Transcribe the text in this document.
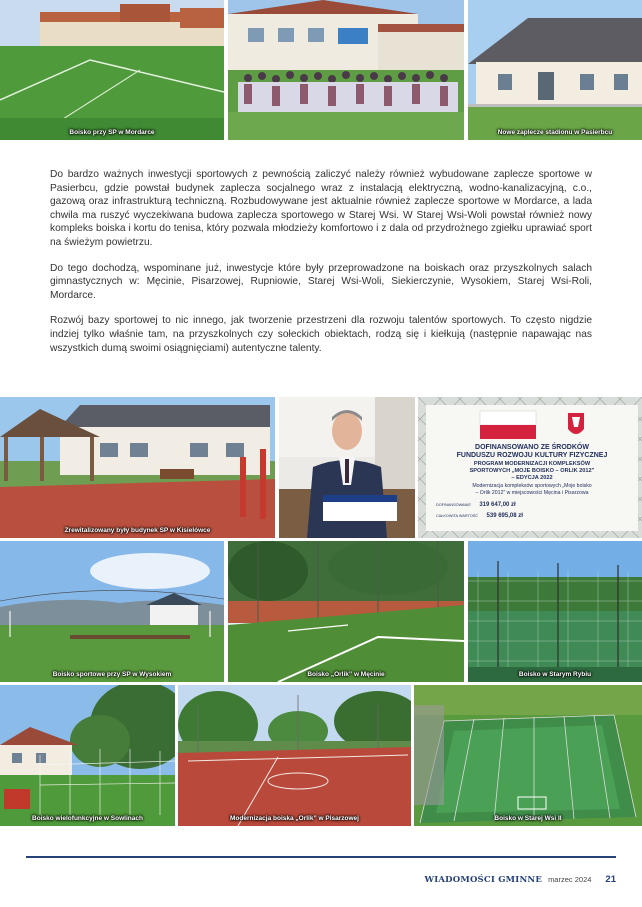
Boisko przy SP w Mordarce	Nowe zaplecze stadionu w Pasierbcu

Do bardzo ważnych inwestycji sportowych z pewnością zaliczyć należy również wybudowane zaplecze sportowe w Pasierbcu, gdzie powstał budynek zaplecza socjalnego wraz z instalacją elektryczną, wodno-kanalizacyjną, c.o., gazową oraz infrastrukturą techniczną. Rozbudowywane jest aktualnie również zaplecze sportowe w Mordarce, a lada chwila ma ruszyć wyczekiwana budowa zaplecza sportowego w Starej Wsi. W Starej Wsi-Woli powstał również nowy kompleks boiska i kortu do tenisa, który pozwala młodzieży komfortowo i z dala od przydrożnego zgiełku uprawiać sport na świeżym powietrzu.

Do tego dochodzą, wspominane już, inwestycje które były przeprowadzone na boiskach oraz przyszkolnych salach gimnastycznych w: Męcinie, Pisarzowej, Rupniowie, Starej Wsi-Woli, Siekierczynie, Wysokiem, Starej Wsi-Roli, Mordarce.

Rozwój bazy sportowej to nic innego, jak tworzenie przestrzeni dla rozwoju talentów sportowych. To często nigdzie indziej tylko właśnie tam, na przyszkolnych czy sołeckich obiektach, rodzą się i kiełkują (następnie napawając nas wszystkich dumą swoimi osiągnięciami) autentyczne talenty.

Zrewitalizowany były budynek SP w Kisielówce
DOFINANSOWANO ZE ŚRODKÓW
FUNDUSZU ROZWOJU KULTURY FIZYCZNEJ
PROGRAM MODERNIZACJI KOMPLEKSÓW
SPORTOWYCH „MOJE BOISKO – ORLIK 2012”
– EDYCJA 2022
Modernizacja kompleksów sportowych „Moje boisko
– Orlik 2012” w miejscowości Męcina i Pisarzowa
DOFINANSOWANIE 319 647,00 zł
CAŁKOWITA WARTOŚĆ 539 695,08 zł
Boisko sportowe przy SP w Wysokiem	Boisko „Orlik” w Męcinie	Boisko w Starym Rybiu
Boisko wielofunkcyjne w Sowlinach	Modernizacja boiska „Orlik” w Pisarzowej	Boisko w Starej Wsi II
WIADOMOŚCI GMINNE marzec 2024 21
